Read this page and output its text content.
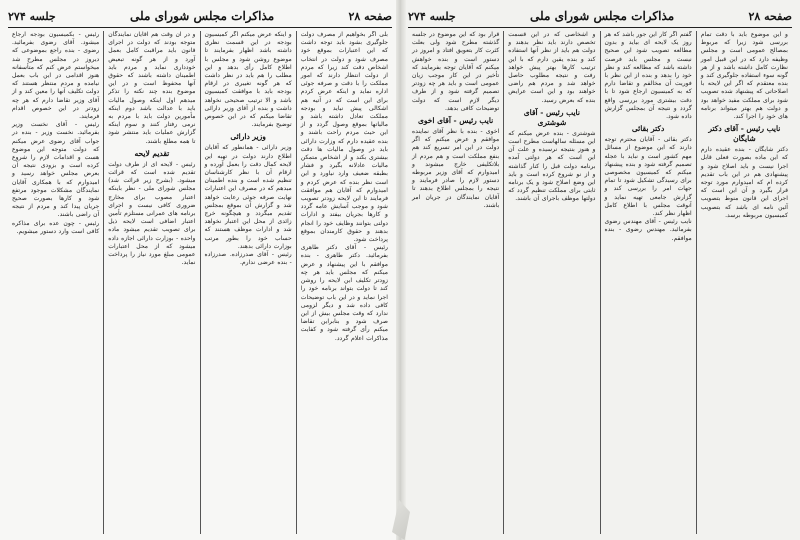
صفحه ۲۸
مذاکرات مجلس شورای ملی
جلسه ۲۷۴
بلی اگر بخواهیم از مصرف دولت جلوگیری بشود باید توجه داشت که این اعتبارات بموقع خود مصرف شود و دولت در انتخاب اشخاص دقت کند زیرا که مردم از دولت انتظار دارند که امور مملکت را با دقت و صرفه جوئی اداره نماید و اینکه عرض کردم برای این است که در آتیه هم اشکالی پیش نیاید و بودجه مملکت تعادل داشته باشد و مالیاتها بموقع وصول گردد و از این حیث مردم راحت باشند و بنده عقیده دارم که وزارت دارائی باید در وصول مالیات ها دقت بیشتری بکند و از اشخاص متمکن مالیات عادلانه بگیرد و فشار بطبقه ضعیف وارد نیاورد و این است نظر بنده که عرض کردم و امیدوارم که آقایان هم موافقت فرمایند تا این لایحه زودتر تصویب شود و موجب آسایش عامه گردد و کارها بجریان بیفتد و ادارات دولتی بتوانند وظایف خود را انجام بدهند و حقوق کارمندان بموقع پرداخت شود.
رئیس - آقای دکتر طاهری بفرمائید. دکتر طاهری - بنده موافقم با این پیشنهاد و عرض میکنم که مجلس باید هر چه زودتر تکلیف این لایحه را روشن کند تا دولت بتواند برنامه خود را اجرا نماید و در این باب توضیحات کافی داده شد و دیگر لزومی ندارد که وقت مجلس بیش از این صرف شود و بنابراین تقاضا میکنم رأی گرفته شود و کفایت مذاکرات اعلام گردد.
و اینکه عرض میکنم اگر کمیسیون بودجه در این قسمت نظری داشته باشد اظهار بفرمایند تا موضوع روشن شود و مجلس با اطلاع کامل رأی بدهد و این مطلب را هم باید در نظر داشت که هر گونه تغییری در ارقام بودجه باید با موافقت کمیسیون باشد و الا ترتیب صحیحی نخواهد داشت و بنده از آقای وزیر دارائی تقاضا میکنم که در این خصوص توضیح بفرمایند.
وزیر دارائی
وزیر دارائی - همانطور که آقایان اطلاع دارند دولت در تهیه این لایحه کمال دقت را بعمل آورده و ارقام آن با نظر کارشناسان تنظیم شده است و بنده اطمینان میدهم که در مصرف این اعتبارات نهایت صرفه جوئی رعایت خواهد شد و گزارش آن بموقع بمجلس تقدیم میگردد و هیچگونه خرج زائدی از محل این اعتبار نخواهد شد و ادارات موظف هستند که حساب خود را بطور مرتب بوزارت دارائی بدهند.
رئیس - آقای صدرزاده. صدرزاده - بنده عرضی ندارم.
و در آن وقت هم آقایان نمایندگان متوجه بودند که دولت در اجرای قانون باید مراقبت کامل بعمل آورد و از هر گونه تبعیض خودداری نماید و مردم باید اطمینان داشته باشند که حقوق آنها محفوظ است و در این موضوع بنده چند نکته را تذکر میدهم اول اینکه وصول مالیات باید با عدالت باشد دوم اینکه مأمورین دولت باید با مردم به نرمی رفتار کنند و سوم اینکه گزارش عملیات باید منتشر شود تا همه مطلع باشند.
تقدیم لایحه
رئیس - لایحه ای از طرف دولت تقدیم شده است که قرائت میشود. (بشرح زیر قرائت شد) مجلس شورای ملی - نظر باینکه اعتبار مصوب برای مخارج ضروری کافی نیست و اجرای برنامه های عمرانی مستلزم تأمین اعتبار اضافی است لایحه ذیل برای تصویب تقدیم میشود ماده واحده - بوزارت دارائی اجازه داده میشود که از محل اعتبارات عمومی مبلغ مورد نیاز را پرداخت نماید.
رئیس - بکمیسیون بودجه ارجاع میشود. آقای رضوی بفرمائید. رضوی - بنده راجع بموضوعی که دیروز در مجلس مطرح شد میخواستم عرض کنم که متأسفانه هنوز اقدامی در این باب بعمل نیامده و مردم منتظر هستند که دولت تکلیف آنها را معین کند و از آقای وزیر تقاضا دارم که هر چه زودتر در این خصوص اقدام فرمایند.
رئیس - آقای نخست وزیر بفرمائید. نخست وزیر - بنده در جواب آقای رضوی عرض میکنم که دولت متوجه این موضوع هست و اقدامات لازم را شروع کرده است و بزودی نتیجه آن بعرض مجلس خواهد رسید و امیدوارم که با همکاری آقایان نمایندگان مشکلات موجود مرتفع شود و کارها بصورت صحیح جریان پیدا کند و مردم از نتیجه آن راضی باشند.
رئیس - چون عده برای مذاکره کافی است وارد دستور میشویم.
صفحه ۲۸
مذاکرات مجلس شورای ملی
جلسه ۲۷۴
و این موضوع باید با دقت تمام بررسی شود زیرا که مربوط بمصالح عمومی است و مجلس وظیفه دارد که در این قبیل امور نظارت کامل داشته باشد و از هر گونه سوء استفاده جلوگیری کند و بنده معتقدم که اگر این لایحه با اصلاحاتی که پیشنهاد شده تصویب شود برای مملکت مفید خواهد بود و دولت هم بهتر میتواند برنامه های خود را اجرا کند.
نایب رئیس - آقای دکتر شایگان
دکتر شایگان - بنده عقیده دارم که این ماده بصورت فعلی قابل اجرا نیست و باید اصلاح شود و پیشنهادی هم در این باب تقدیم کرده ام که امیدوارم مورد توجه قرار بگیرد و آن این است که اجرای این قانون منوط بتصویب آئین نامه ای باشد که بتصویب کمیسیون مربوطه برسد.
گفتم اگر کار این جور باشد که هر روز یک لایحه ای بیاید و بدون مطالعه تصویب شود این صحیح نیست و مجلس باید فرصت داشته باشد که مطالعه کند و نظر خود را بدهد و بنده از این نظر با فوریت آن مخالفم و تقاضا دارم که به کمیسیون ارجاع شود تا با دقت بیشتری مورد بررسی واقع گردد و نتیجه آن بمجلس گزارش داده شود.
دکتر بقائی
دکتر بقائی - آقایان محترم توجه دارند که این موضوع از مسائل مهم کشور است و نباید با عجله تصمیم گرفته شود و بنده پیشنهاد میکنم که کمیسیون مخصوصی برای رسیدگی تشکیل شود تا تمام جهات امر را بررسی کند و گزارش جامعی تهیه نماید و آنوقت مجلس با اطلاع کامل اظهار نظر کند.
نایب رئیس - آقای مهندس رضوی بفرمائید. مهندس رضوی - بنده موافقم.
و اشخاصی که در این قسمت تخصص دارند باید نظر بدهند و دولت هم باید از نظر آنها استفاده کند و بنده یقین دارم که با این ترتیب کارها بهتر پیش خواهد رفت و نتیجه مطلوب حاصل خواهد شد و مردم هم راضی خواهند بود و این است عرایض بنده که بعرض رسید.
نایب رئیس - آقای شوشتری
شوشتری - بنده عرض میکنم که این مسئله سالهاست مطرح است و هنوز بنتیجه نرسیده و علت آن این است که هر دولتی آمده برنامه دولت قبل را کنار گذاشته و از نو شروع کرده است و باید این وضع اصلاح شود و یک برنامه ثابتی برای مملکت تنظیم گردد که دولتها موظف باجرای آن باشند.
قرار بود که این موضوع در جلسه گذشته مطرح شود ولی بعلت کثرت کار بتعویق افتاد و امروز در دستور است و بنده خواهش میکنم که آقایان توجه بفرمایند که تأخیر در این کار موجب زیان عمومی است و باید هر چه زودتر تصمیم گرفته شود و از طرف دیگر لازم است که دولت توضیحات کافی بدهد.
نایب رئیس - آقای اخوی
اخوی - بنده با نظر آقای نماینده موافقم و عرض میکنم که اگر دولت در این امر تسریع کند هم بنفع مملکت است و هم مردم از بلاتکلیفی خارج میشوند و امیدوارم که آقای وزیر مربوطه دستور لازم را صادر فرمایند و نتیجه را بمجلس اطلاع بدهند تا آقایان نمایندگان در جریان امر باشند.
